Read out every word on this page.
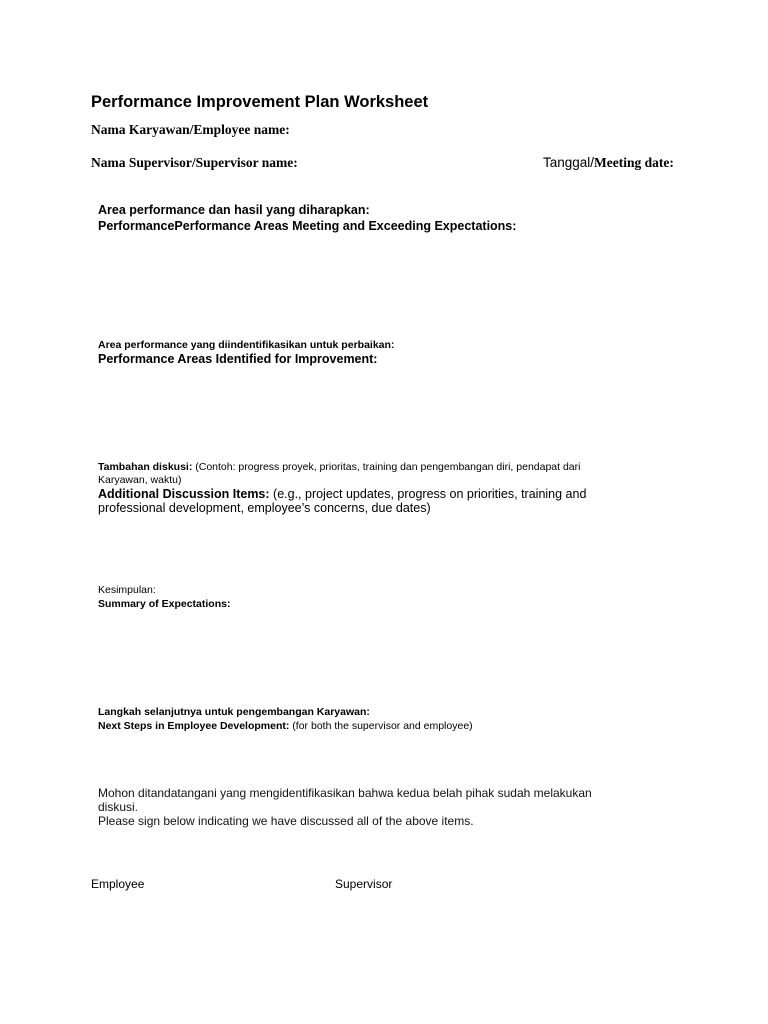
Performance Improvement Plan Worksheet
Nama Karyawan/Employee name:
Nama Supervisor/Supervisor name:	Tanggal/Meeting date:
Area performance dan hasil yang diharapkan:
PerformancePerformance Areas Meeting and Exceeding Expectations:
Area performance yang diindentifikasikan untuk perbaikan:
Performance Areas Identified for Improvement:
Tambahan diskusi: (Contoh: progress proyek, prioritas, training dan pengembangan diri, pendapat dari
Karyawan, waktu)
Additional Discussion Items: (e.g., project updates, progress on priorities, training and
professional development, employee’s concerns, due dates)
Kesimpulan:
Summary of Expectations:
Langkah selanjutnya untuk pengembangan Karyawan:
Next Steps in Employee Development: (for both the supervisor and employee)
Mohon ditandatangani yang mengidentifikasikan bahwa kedua belah pihak sudah melakukan
diskusi.
Please sign below indicating we have discussed all of the above items.
Employee	Supervisor
